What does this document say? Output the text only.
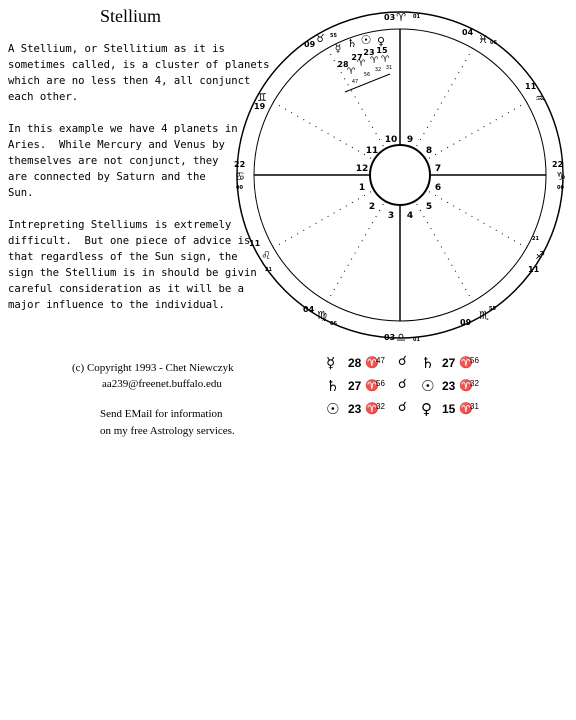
Stellium
A Stellium, or Stellitium as it is
sometimes called, is a cluster of planets
which are no less then 4, all conjunct
each other.
In this example we have 4 planets in
Aries.  While Mercury and Venus by
themselves are not conjunct, they
are connected by Saturn and the
Sun.
Intrepreting Stelliums is extremely
difficult.  But one piece of advice is
that regardless of the Sun sign, the
sign the Stellium is in should be givin
careful consideration as it will be a
major influence to the individual.
1
2
3 4
5
6
7
8
9
10
11
12
03	01
04
06
11
22
00
21
11
09
55
03	01
04
06
11
21
22
00
19
09
55
♈
♓
♒
♑
♐
♏
♎
♍
♌
♋
♊
♉
☿ ♄ ☉ ♀
28
27
23 15
♈
♈ ♈ ♈
47
56
32 31
(c) Copyright 1993 - Chet Niewczyk
aa239@freenet.buffalo.edu
Send EMail for information
on my free Astrology services.
☿ 28 ♈
47 ☌ ♄ 27 ♈
56
♄ 27 ♈
56 ☌ ☉ 23 ♈
32
☉ 23 ♈
32 ☌ ♀ 15 ♈
31
